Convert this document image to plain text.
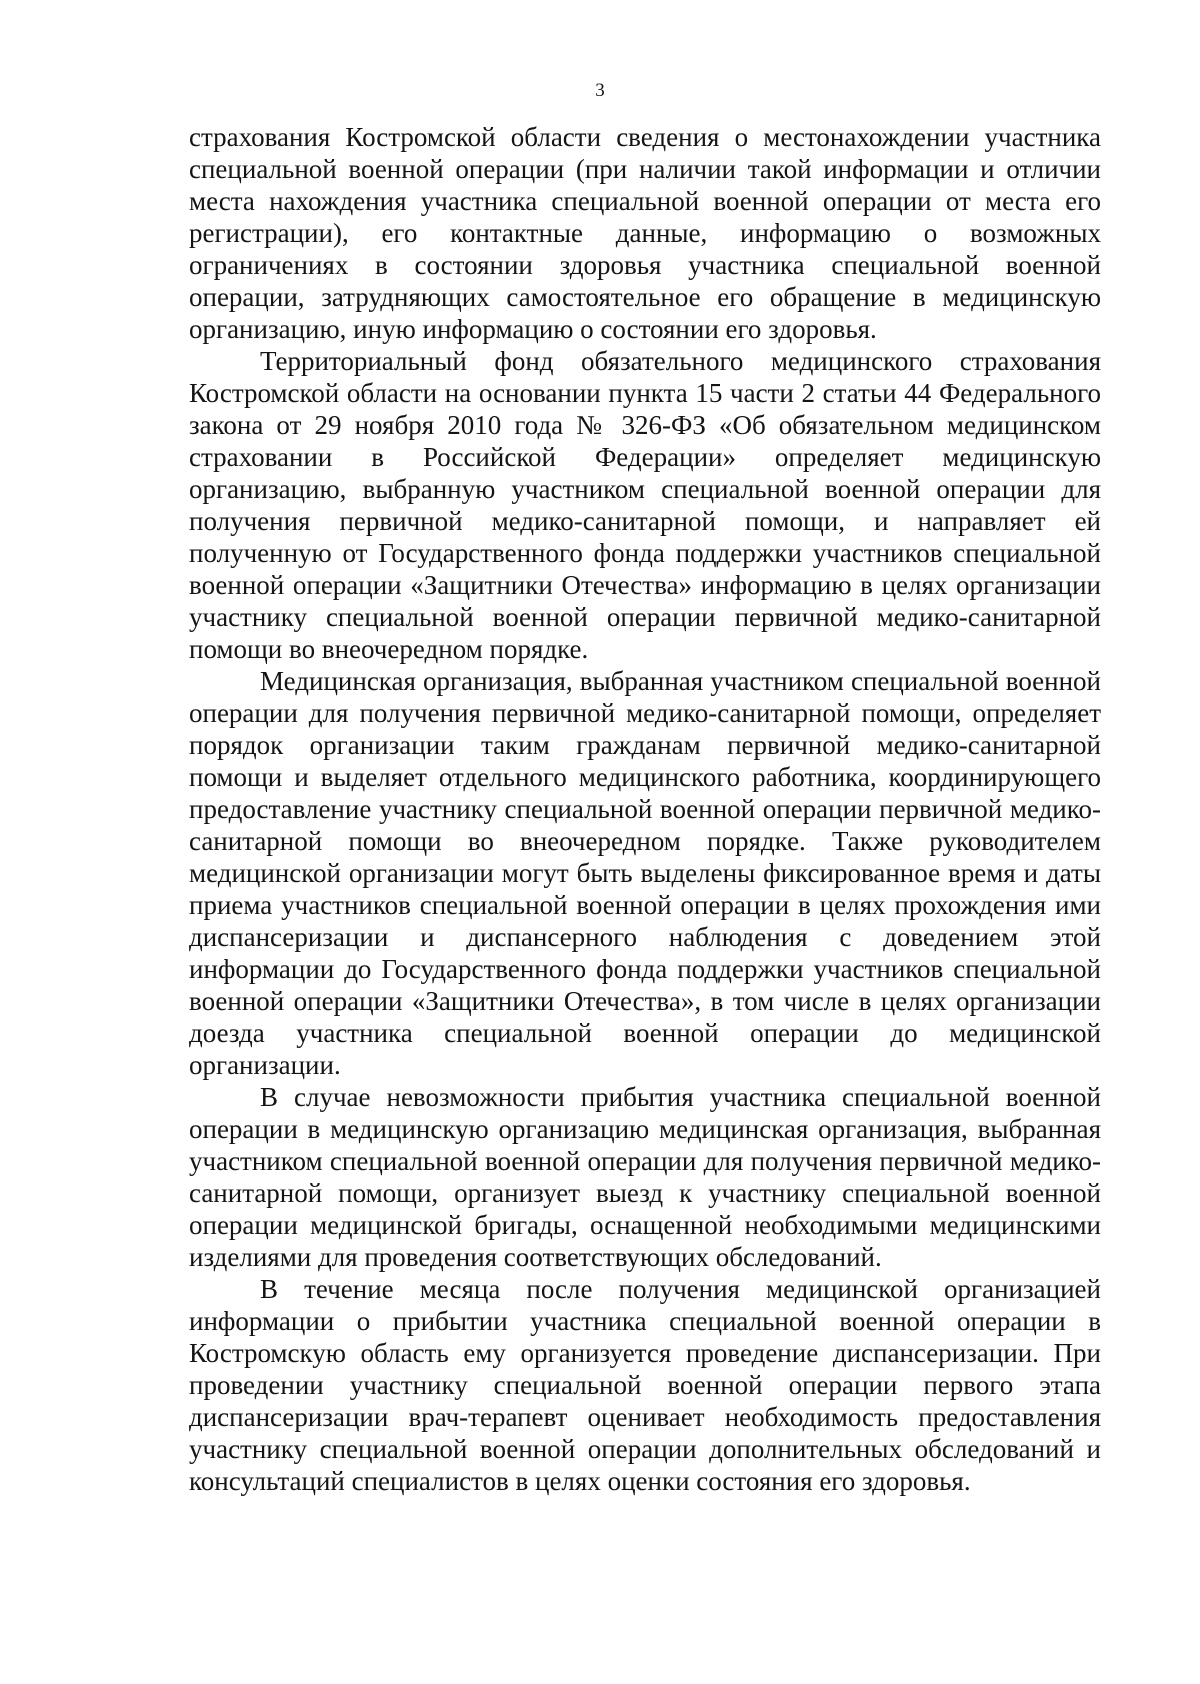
3

страхования Костромской области сведения о местонахождении участника специальной военной операции (при наличии такой информации и отличии места нахождения участника специальной военной операции от места его регистрации), его контактные данные, информацию о возможных ограничениях в состоянии здоровья участника специальной военной операции, затрудняющих самостоятельное его обращение в медицинскую организацию, иную информацию о состоянии его здоровья.

Территориальный фонд обязательного медицинского страхования Костромской области на основании пункта 15 части 2 статьи 44 Федерального закона от 29 ноября 2010 года № 326-ФЗ «Об обязательном медицинском страховании в Российской Федерации» определяет медицинскую организацию, выбранную участником специальной военной операции для получения первичной медико-санитарной помощи, и направляет ей полученную от Государственного фонда поддержки участников специальной военной операции «Защитники Отечества» информацию в целях организации участнику специальной военной операции первичной медико-санитарной помощи во внеочередном порядке.

Медицинская организация, выбранная участником специальной военной операции для получения первичной медико-санитарной помощи, определяет порядок организации таким гражданам первичной медико-санитарной помощи и выделяет отдельного медицинского работника, координирующего предоставление участнику специальной военной операции первичной медико-санитарной помощи во внеочередном порядке. Также руководителем медицинской организации могут быть выделены фиксированное время и даты приема участников специальной военной операции в целях прохождения ими диспансеризации и диспансерного наблюдения с доведением этой информации до Государственного фонда поддержки участников специальной военной операции «Защитники Отечества», в том числе в целях организации доезда участника специальной военной операции до медицинской организации.

В случае невозможности прибытия участника специальной военной операции в медицинскую организацию медицинская организация, выбранная участником специальной военной операции для получения первичной медико-санитарной помощи, организует выезд к участнику специальной военной операции медицинской бригады, оснащенной необходимыми медицинскими изделиями для проведения соответствующих обследований.

В течение месяца после получения медицинской организацией информации о прибытии участника специальной военной операции в Костромскую область ему организуется проведение диспансеризации. При проведении участнику специальной военной операции первого этапа диспансеризации врач-терапевт оценивает необходимость предоставления участнику специальной военной операции дополнительных обследований и консультаций специалистов в целях оценки состояния его здоровья.
